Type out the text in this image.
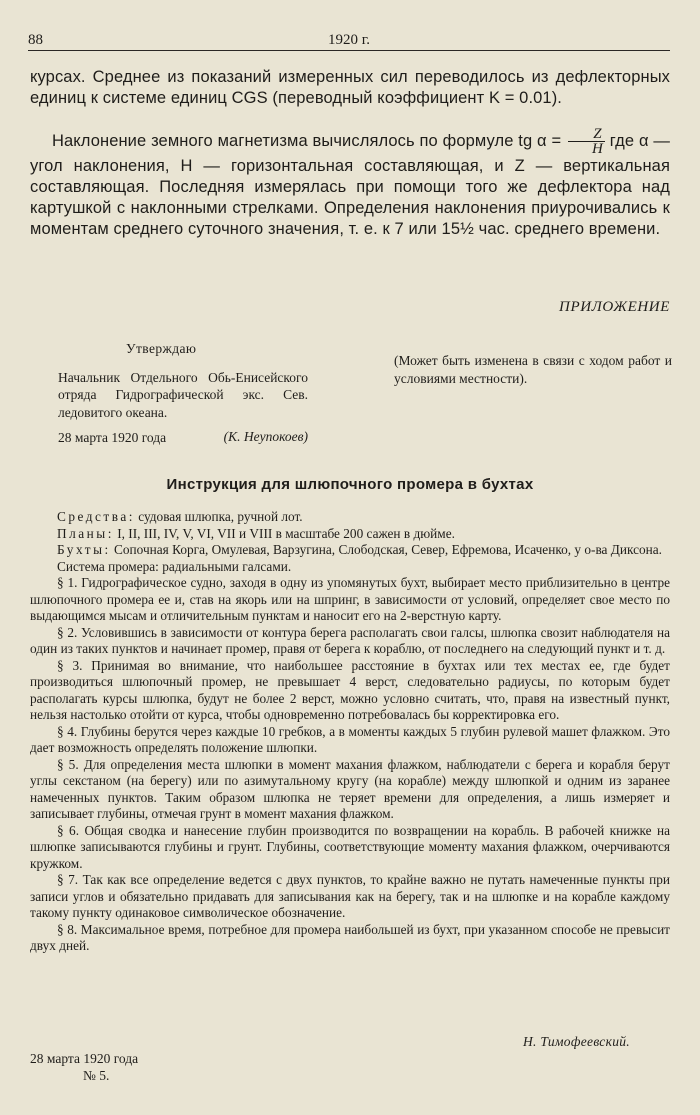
88	1920 г.
курсах. Среднее из показаний измеренных сил переводилось из дефлекторных единиц к системе единиц CGS (переводный коэффициент K = 0.01).
Наклонение земного магнетизма вычислялось по формуле tg $\alpha = \frac{Z}{H}$ где α — угол наклонения, H — горизонтальная составляющая, и Z — вертикальная составляющая. Последняя измерялась при помощи того же дефлектора над картушкой с наклонными стрелками. Определения наклонения приурочивались к моментам среднего суточного значения, т. е. к 7 или 15½ час. среднего времени.
ПРИЛОЖЕНИЕ
Утверждаю
Начальник Отдельного Обь-Енисейского отряда Гидрографической экс. Сев. ледовитого океана.
(К. Неупокоев)
28 марта 1920 года
(Может быть изменена в связи с ходом работ и условиями местности).
Инструкция для шлюпочного промера в бухтах

Средства: судовая шлюпка, ручной лот.

Планы: I, II, III, IV, V, VI, VII и VIII в масштабе 200 сажен в дюйме.

Бухты: Сопочная Корга, Омулевая, Варзугина, Слободская, Север, Ефремова, Исаченко, у о-ва Диксона.

Система промера: радиальными галсами.

§ 1. Гидрографическое судно, заходя в одну из упомянутых бухт, выбирает место приблизительно в центре шлюпочного промера ее и, став на якорь или на шпринг, в зависимости от условий, определяет свое место по выдающимся мысам и отличительным пунктам и наносит его на 2-верстную карту.

§ 2. Условившись в зависимости от контура берега располагать свои галсы, шлюпка свозит наблюдателя на один из таких пунктов и начинает промер, правя от берега к кораблю, от последнего на следующий пункт и т. д.

§ 3. Принимая во внимание, что наибольшее расстояние в бухтах или тех местах ее, где будет производиться шлюпочный промер, не превышает 4 верст, следовательно радиусы, по которым будет располагать курсы шлюпка, будут не более 2 верст, можно условно считать, что, правя на известный пункт, нельзя настолько отойти от курса, чтобы одновременно потребовалась бы корректировка его.

§ 4. Глубины берутся через каждые 10 гребков, а в моменты каждых 5 глубин рулевой машет флажком. Это дает возможность определять положение шлюпки.

§ 5. Для определения места шлюпки в момент махания флажком, наблюдатели с берега и корабля берут углы секстаном (на берегу) или по азимутальному кругу (на корабле) между шлюпкой и одним из заранее намеченных пунктов. Таким образом шлюпка не теряет времени для определения, а лишь измеряет и записывает глубины, отмечая грунт в момент махания флажком.

§ 6. Общая сводка и нанесение глубин производится по возвращении на корабль. В рабочей книжке на шлюпке записываются глубины и грунт. Глубины, соответствующие моменту махания флажком, очерчиваются кружком.

§ 7. Так как все определение ведется с двух пунктов, то крайне важно не путать намеченные пункты при записи углов и обязательно придавать для записывания как на берегу, так и на шлюпке и на корабле каждому такому пункту одинаковое символическое обозначение.

§ 8. Максимальное время, потребное для промера наибольшей из бухт, при указанном способе не превысит двух дней.

Н. Тимофеевский.
28 марта 1920 года
№ 5.
